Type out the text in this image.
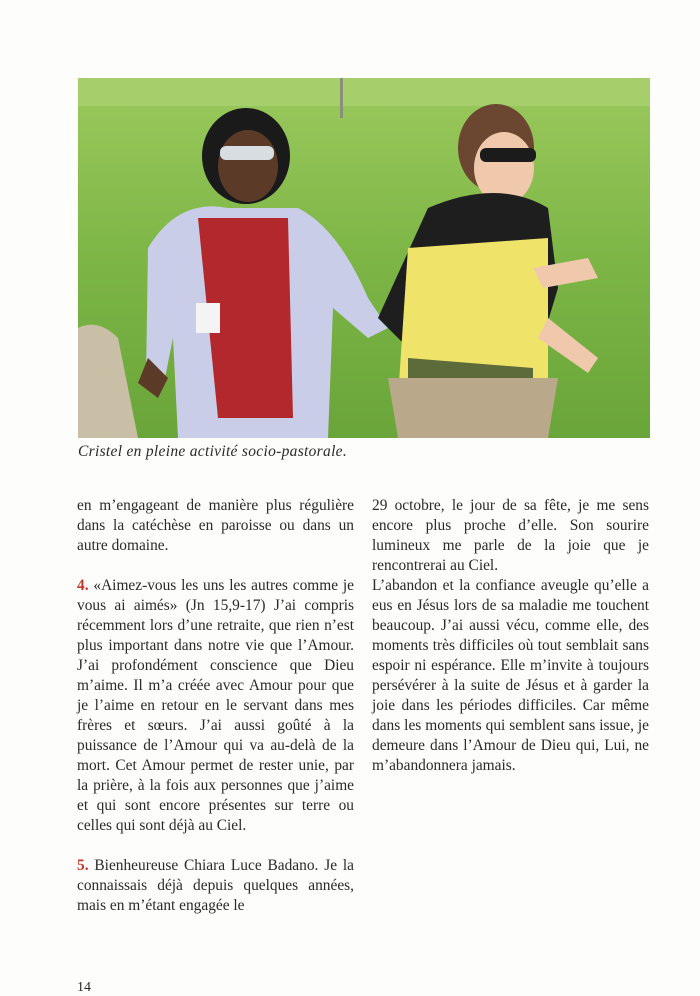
Cristel en pleine activité socio-pastorale.

en m’engageant de manière plus régulière dans la catéchèse en paroisse ou dans un autre domaine.

4. «Aimez-vous les uns les autres comme je vous ai aimés» (Jn 15,9-17) J’ai compris récemment lors d’une retraite, que rien n’est plus important dans notre vie que l’Amour. J’ai profondément conscience que Dieu m’aime. Il m’a créée avec Amour pour que je l’aime en retour en le servant dans mes frères et sœurs. J’ai aussi goûté à la puissance de l’Amour qui va au-delà de la mort. Cet Amour permet de rester unie, par la prière, à la fois aux personnes que j’aime et qui sont encore présentes sur terre ou celles qui sont déjà au Ciel.

5. Bienheureuse Chiara Luce Badano. Je la connaissais déjà depuis quelques années, mais en m’étant engagée le

29 octobre, le jour de sa fête, je me sens encore plus proche d’elle. Son sourire lumineux me parle de la joie que je rencontrerai au Ciel.

L’abandon et la confiance aveugle qu’elle a eus en Jésus lors de sa maladie me touchent beaucoup. J’ai aussi vécu, comme elle, des moments très difficiles où tout semblait sans espoir ni espérance. Elle m’invite à toujours persévérer à la suite de Jésus et à garder la joie dans les périodes difficiles. Car même dans les moments qui semblent sans issue, je demeure dans l’Amour de Dieu qui, Lui, ne m’abandonnera jamais.

14
